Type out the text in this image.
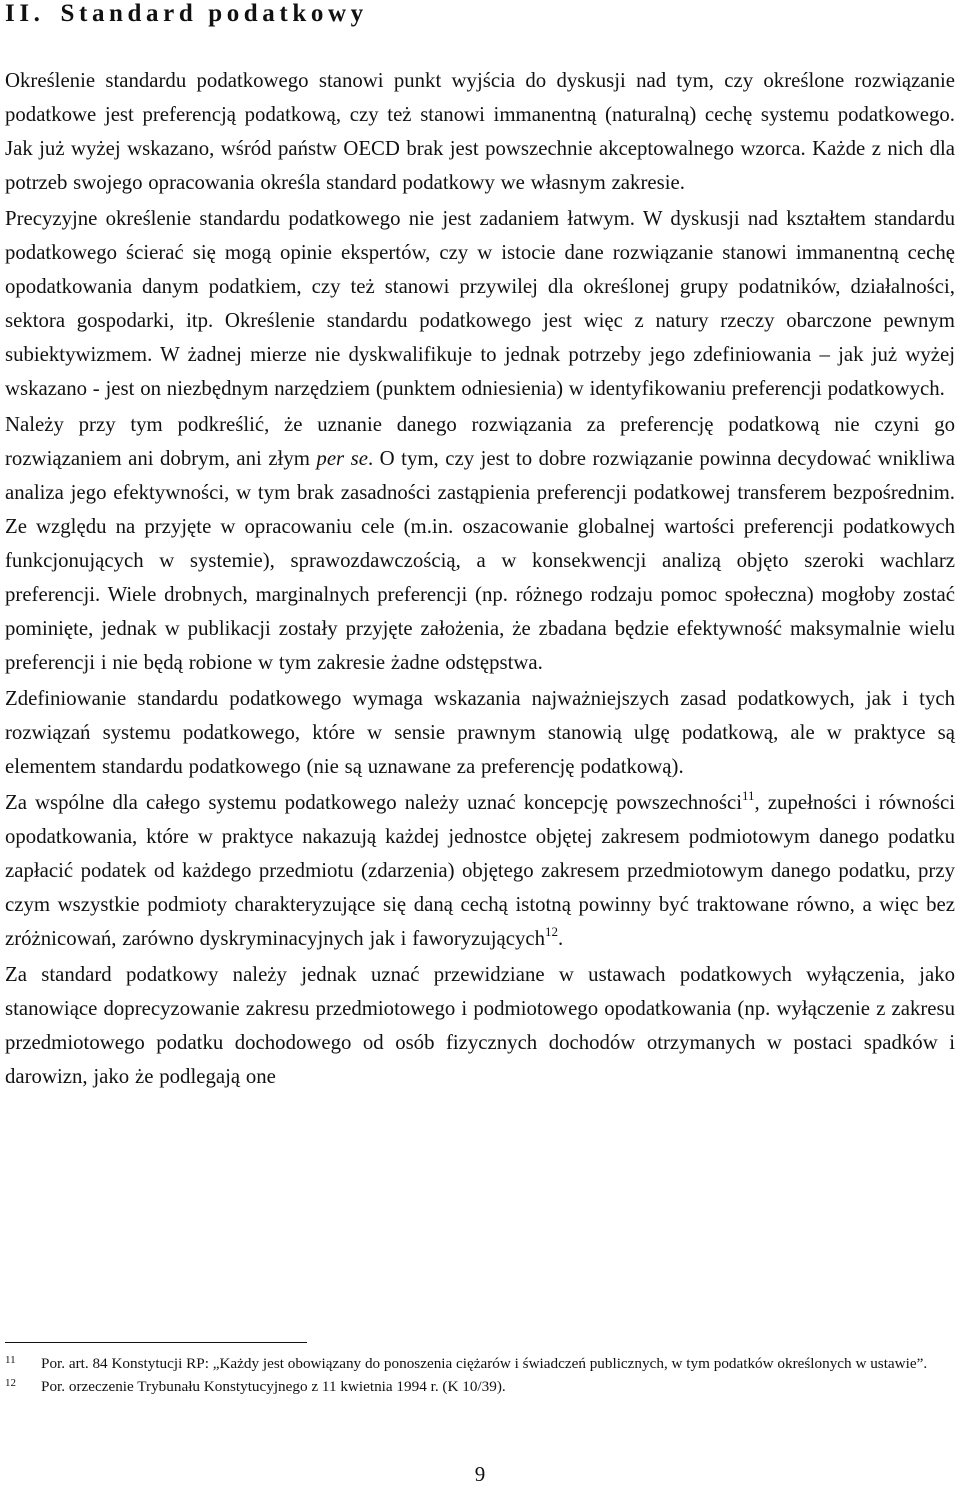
II. Standard podatkowy

Określenie standardu podatkowego stanowi punkt wyjścia do dyskusji nad tym, czy określone rozwiązanie podatkowe jest preferencją podatkową, czy też stanowi immanentną (naturalną) cechę systemu podatkowego. Jak już wyżej wskazano, wśród państw OECD brak jest powszechnie akceptowalnego wzorca. Każde z nich dla potrzeb swojego opracowania określa standard podatkowy we własnym zakresie.

Precyzyjne określenie standardu podatkowego nie jest zadaniem łatwym. W dyskusji nad kształtem standardu podatkowego ścierać się mogą opinie ekspertów, czy w istocie dane rozwiązanie stanowi immanentną cechę opodatkowania danym podatkiem, czy też stanowi przywilej dla określonej grupy podatników, działalności, sektora gospodarki, itp. Określenie standardu podatkowego jest więc z natury rzeczy obarczone pewnym subiektywizmem. W żadnej mierze nie dyskwalifikuje to jednak potrzeby jego zdefiniowania – jak już wyżej wskazano - jest on niezbędnym narzędziem (punktem odniesienia) w identyfikowaniu preferencji podatkowych.

Należy przy tym podkreślić, że uznanie danego rozwiązania za preferencję podatkową nie czyni go rozwiązaniem ani dobrym, ani złym per se. O tym, czy jest to dobre rozwiązanie powinna decydować wnikliwa analiza jego efektywności, w tym brak zasadności zastąpienia preferencji podatkowej transferem bezpośrednim. Ze względu na przyjęte w opracowaniu cele (m.in. oszacowanie globalnej wartości preferencji podatkowych funkcjonujących w systemie), sprawozdawczością, a w konsekwencji analizą objęto szeroki wachlarz preferencji. Wiele drobnych, marginalnych preferencji (np. różnego rodzaju pomoc społeczna) mogłoby zostać pominięte, jednak w publikacji zostały przyjęte założenia, że zbadana będzie efektywność maksymalnie wielu preferencji i nie będą robione w tym zakresie żadne odstępstwa.

Zdefiniowanie standardu podatkowego wymaga wskazania najważniejszych zasad podatkowych, jak i tych rozwiązań systemu podatkowego, które w sensie prawnym stanowią ulgę podatkową, ale w praktyce są elementem standardu podatkowego (nie są uznawane za preferencję podatkową).

Za wspólne dla całego systemu podatkowego należy uznać koncepcję powszechności$^{11}$, zupełności i równości opodatkowania, które w praktyce nakazują każdej jednostce objętej zakresem podmiotowym danego podatku zapłacić podatek od każdego przedmiotu (zdarzenia) objętego zakresem przedmiotowym danego podatku, przy czym wszystkie podmioty charakteryzujące się daną cechą istotną powinny być traktowane równo, a więc bez zróżnicowań, zarówno dyskryminacyjnych jak i faworyzujących$^{12}$.

Za standard podatkowy należy jednak uznać przewidziane w ustawach podatkowych wyłączenia, jako stanowiące doprecyzowanie zakresu przedmiotowego i podmiotowego opodatkowania (np. wyłączenie z zakresu przedmiotowego podatku dochodowego od osób fizycznych dochodów otrzymanych w postaci spadków i darowizn, jako że podlegają one

11	Por. art. 84 Konstytucji RP: „Każdy jest obowiązany do ponoszenia ciężarów i świadczeń publicznych, w tym podatków określonych w ustawie”.
12	Por. orzeczenie Trybunału Konstytucyjnego z 11 kwietnia 1994 r. (K 10/39).
9
